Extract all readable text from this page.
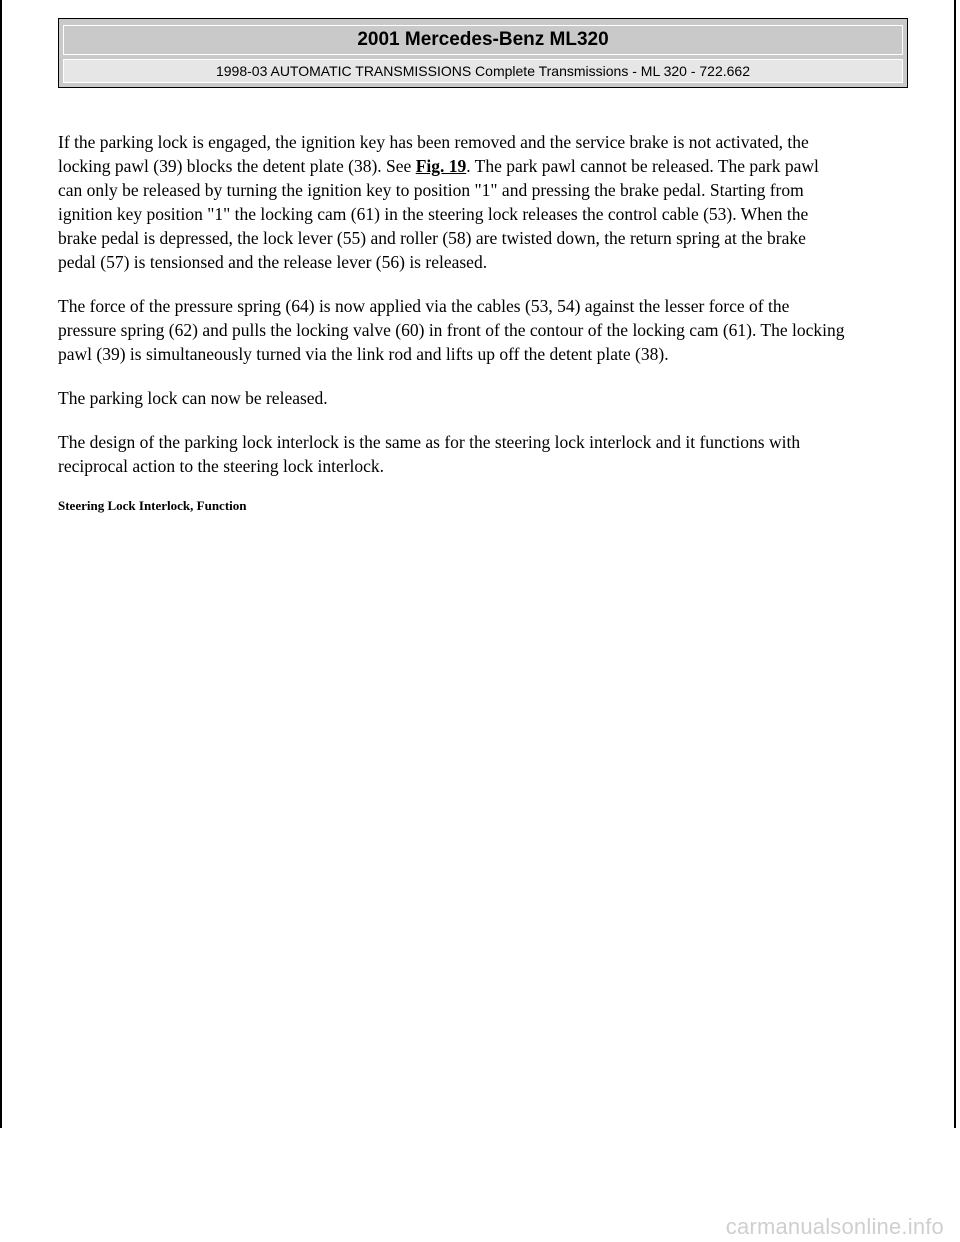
2001 Mercedes-Benz ML320
1998-03 AUTOMATIC TRANSMISSIONS Complete Transmissions - ML 320 - 722.662

If the parking lock is engaged, the ignition key has been removed and the service brake is not activated, the
locking pawl (39) blocks the detent plate (38). See Fig. 19. The park pawl cannot be released. The park pawl
can only be released by turning the ignition key to position "1" and pressing the brake pedal. Starting from
ignition key position "1" the locking cam (61) in the steering lock releases the control cable (53). When the
brake pedal is depressed, the lock lever (55) and roller (58) are twisted down, the return spring at the brake
pedal (57) is tensionsed and the release lever (56) is released.

The force of the pressure spring (64) is now applied via the cables (53, 54) against the lesser force of the
pressure spring (62) and pulls the locking valve (60) in front of the contour of the locking cam (61). The locking
pawl (39) is simultaneously turned via the link rod and lifts up off the detent plate (38).

The parking lock can now be released.

The design of the parking lock interlock is the same as for the steering lock interlock and it functions with
reciprocal action to the steering lock interlock.

Steering Lock Interlock, Function
carmanualsonline.info
